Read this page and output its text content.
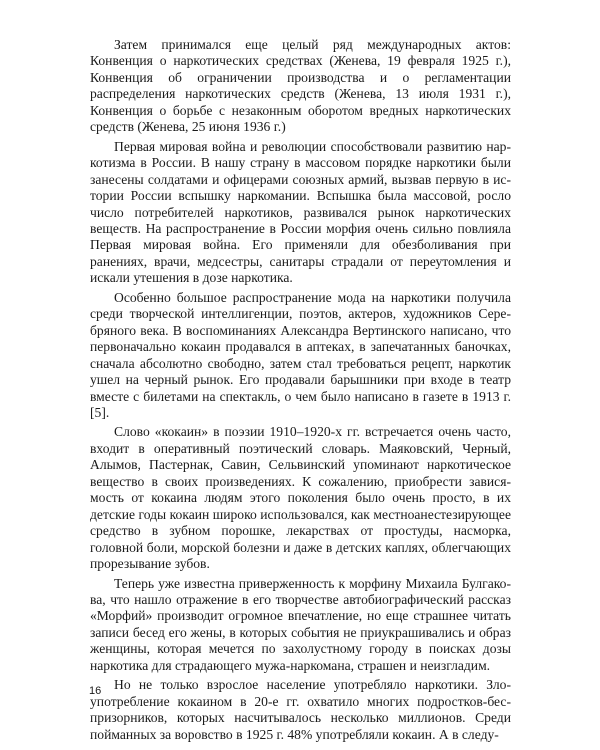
Затем принимался еще целый ряд международных актов: Конвенция о наркотических средствах (Женева, 19 февраля 1925 г.), Конвенция об ограничении производства и о регламентации распределения наркотических средств (Женева, 13 июля 1931 г.), Конвенция о борьбе с незаконным оборотом вредных наркотических средств (Женева, 25 июня 1936 г.)

Первая мировая война и революции способствовали развитию наркотизма в России. В нашу страну в массовом порядке наркотики были занесены солдатами и офицерами союзных армий, вызвав первую в истории России вспышку наркомании. Вспышка была массовой, росло число потребителей наркотиков, развивался рынок наркотических веществ. На распространение в России морфия очень сильно повлияла Первая мировая война. Его применяли для обезболивания при ранениях, врачи, медсестры, санитары страдали от переутомления и искали утешения в дозе наркотика.

Особенно большое распространение мода на наркотики получила среди творческой интеллигенции, поэтов, актеров, художников Серебряного века. В воспоминаниях Александра Вертинского написано, что первоначально кокаин продавался в аптеках, в запечатанных баночках, сначала абсолютно свободно, затем стал требоваться рецепт, наркотик ушел на черный рынок. Его продавали барышники при входе в театр вместе с билетами на спектакль, о чем было написано в газете в 1913 г. [5].

Слово «кокаин» в поэзии 1910–1920-х гг. встречается очень часто, входит в оперативный поэтический словарь. Маяковский, Черный, Алымов, Пастернак, Савин, Сельвинский упоминают наркотическое вещество в своих произведениях. К сожалению, приобрести зависямость от кокаина людям этого поколения было очень просто, в их детские годы кокаин широко использовался, как местноанестезирующее средство в зубном порошке, лекарствах от простуды, насморка, головной боли, морской болезни и даже в детских каплях, облегчающих прорезывание зубов.

Теперь уже известна приверженность к морфину Михаила Булгакова, что нашло отражение в его творчестве автобиографический рассказ «Морфий» производит огромное впечатление, но еще страшнее читать записи бесед его жены, в которых события не приукрашивались и образ женщины, которая мечется по захолустному городу в поисках дозы наркотика для страдающего мужа-наркомана, страшен и неизгладим.

Но не только взрослое население употребляло наркотики. Злоупотребление кокаином в 20-е гг. охватило многих подростков-беспризорников, которых насчитывалось несколько миллионов. Среди пойманных за воровство в 1925 г. 48% употребляли кокаин. А в следу-

16
